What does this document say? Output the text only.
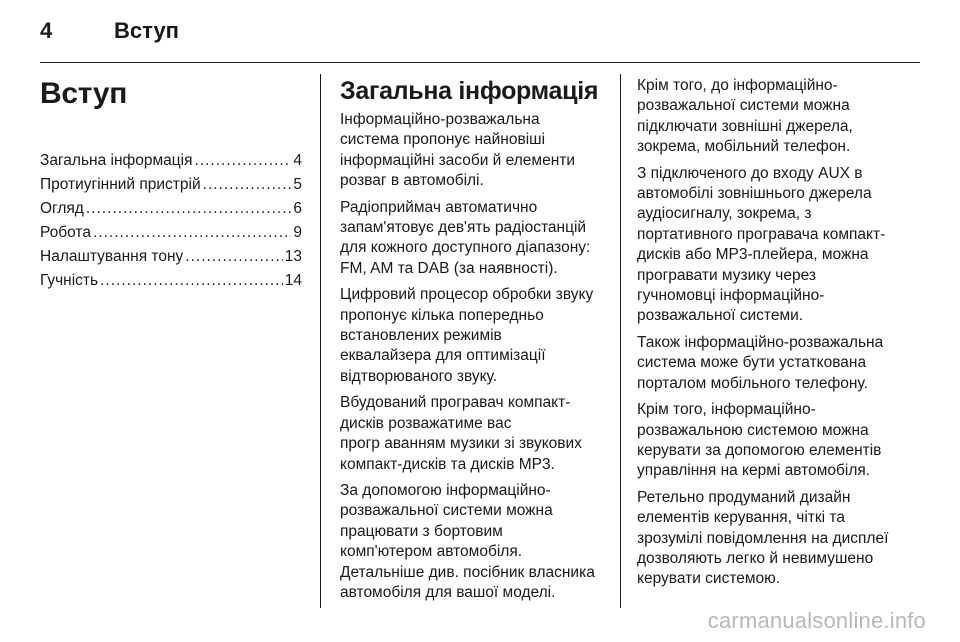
4	Вступ
Вступ
Загальна інформація .....	4
Протиугінний пристрій .....	5
Огляд .....	6
Робота .....	9
Налаштування тону .....	13
Гучність .....	14
Загальна інформація

Інформаційно-розважальна
система пропонує найновіші
інформаційні засоби й елементи
розваг в автомобілі.

Радіоприймач автоматично
запам'ятовує дев'ять радіостанцій
для кожного доступного діапазону:
FM, AM та DAB (за наявності).

Цифровий процесор обробки звуку
пропонує кілька попередньо
встановлених режимів
еквалайзера для оптимізації
відтворюваного звуку.

Вбудований програвач компакт-
дисків розважатиме вас
прогр аванням музики зі звукових
компакт-дисків та дисків MP3.

За допомогою інформаційно-
розважальної системи можна
працювати з бортовим
комп'ютером автомобіля.
Детальніше див. посібник власника
автомобіля для вашої моделі.

Крім того, до інформаційно-
розважальної системи можна
підключати зовнішні джерела,
зокрема, мобільний телефон.

З підключеного до входу AUX в
автомобілі зовнішнього джерела
аудіосигналу, зокрема, з
портативного програвача компакт-
дисків або MP3-плейера, можна
програвати музику через
гучномовці інформаційно-
розважальної системи.

Також інформаційно-розважальна
система може бути устаткована
порталом мобільного телефону.

Крім того, інформаційно-
розважальною системою можна
керувати за допомогою елементів
управління на кермі автомобіля.

Ретельно продуманий дизайн
елементів керування, чіткі та
зрозумілі повідомлення на дисплеї
дозволяють легко й невимушено
керувати системою.

carmanualsonline.info
